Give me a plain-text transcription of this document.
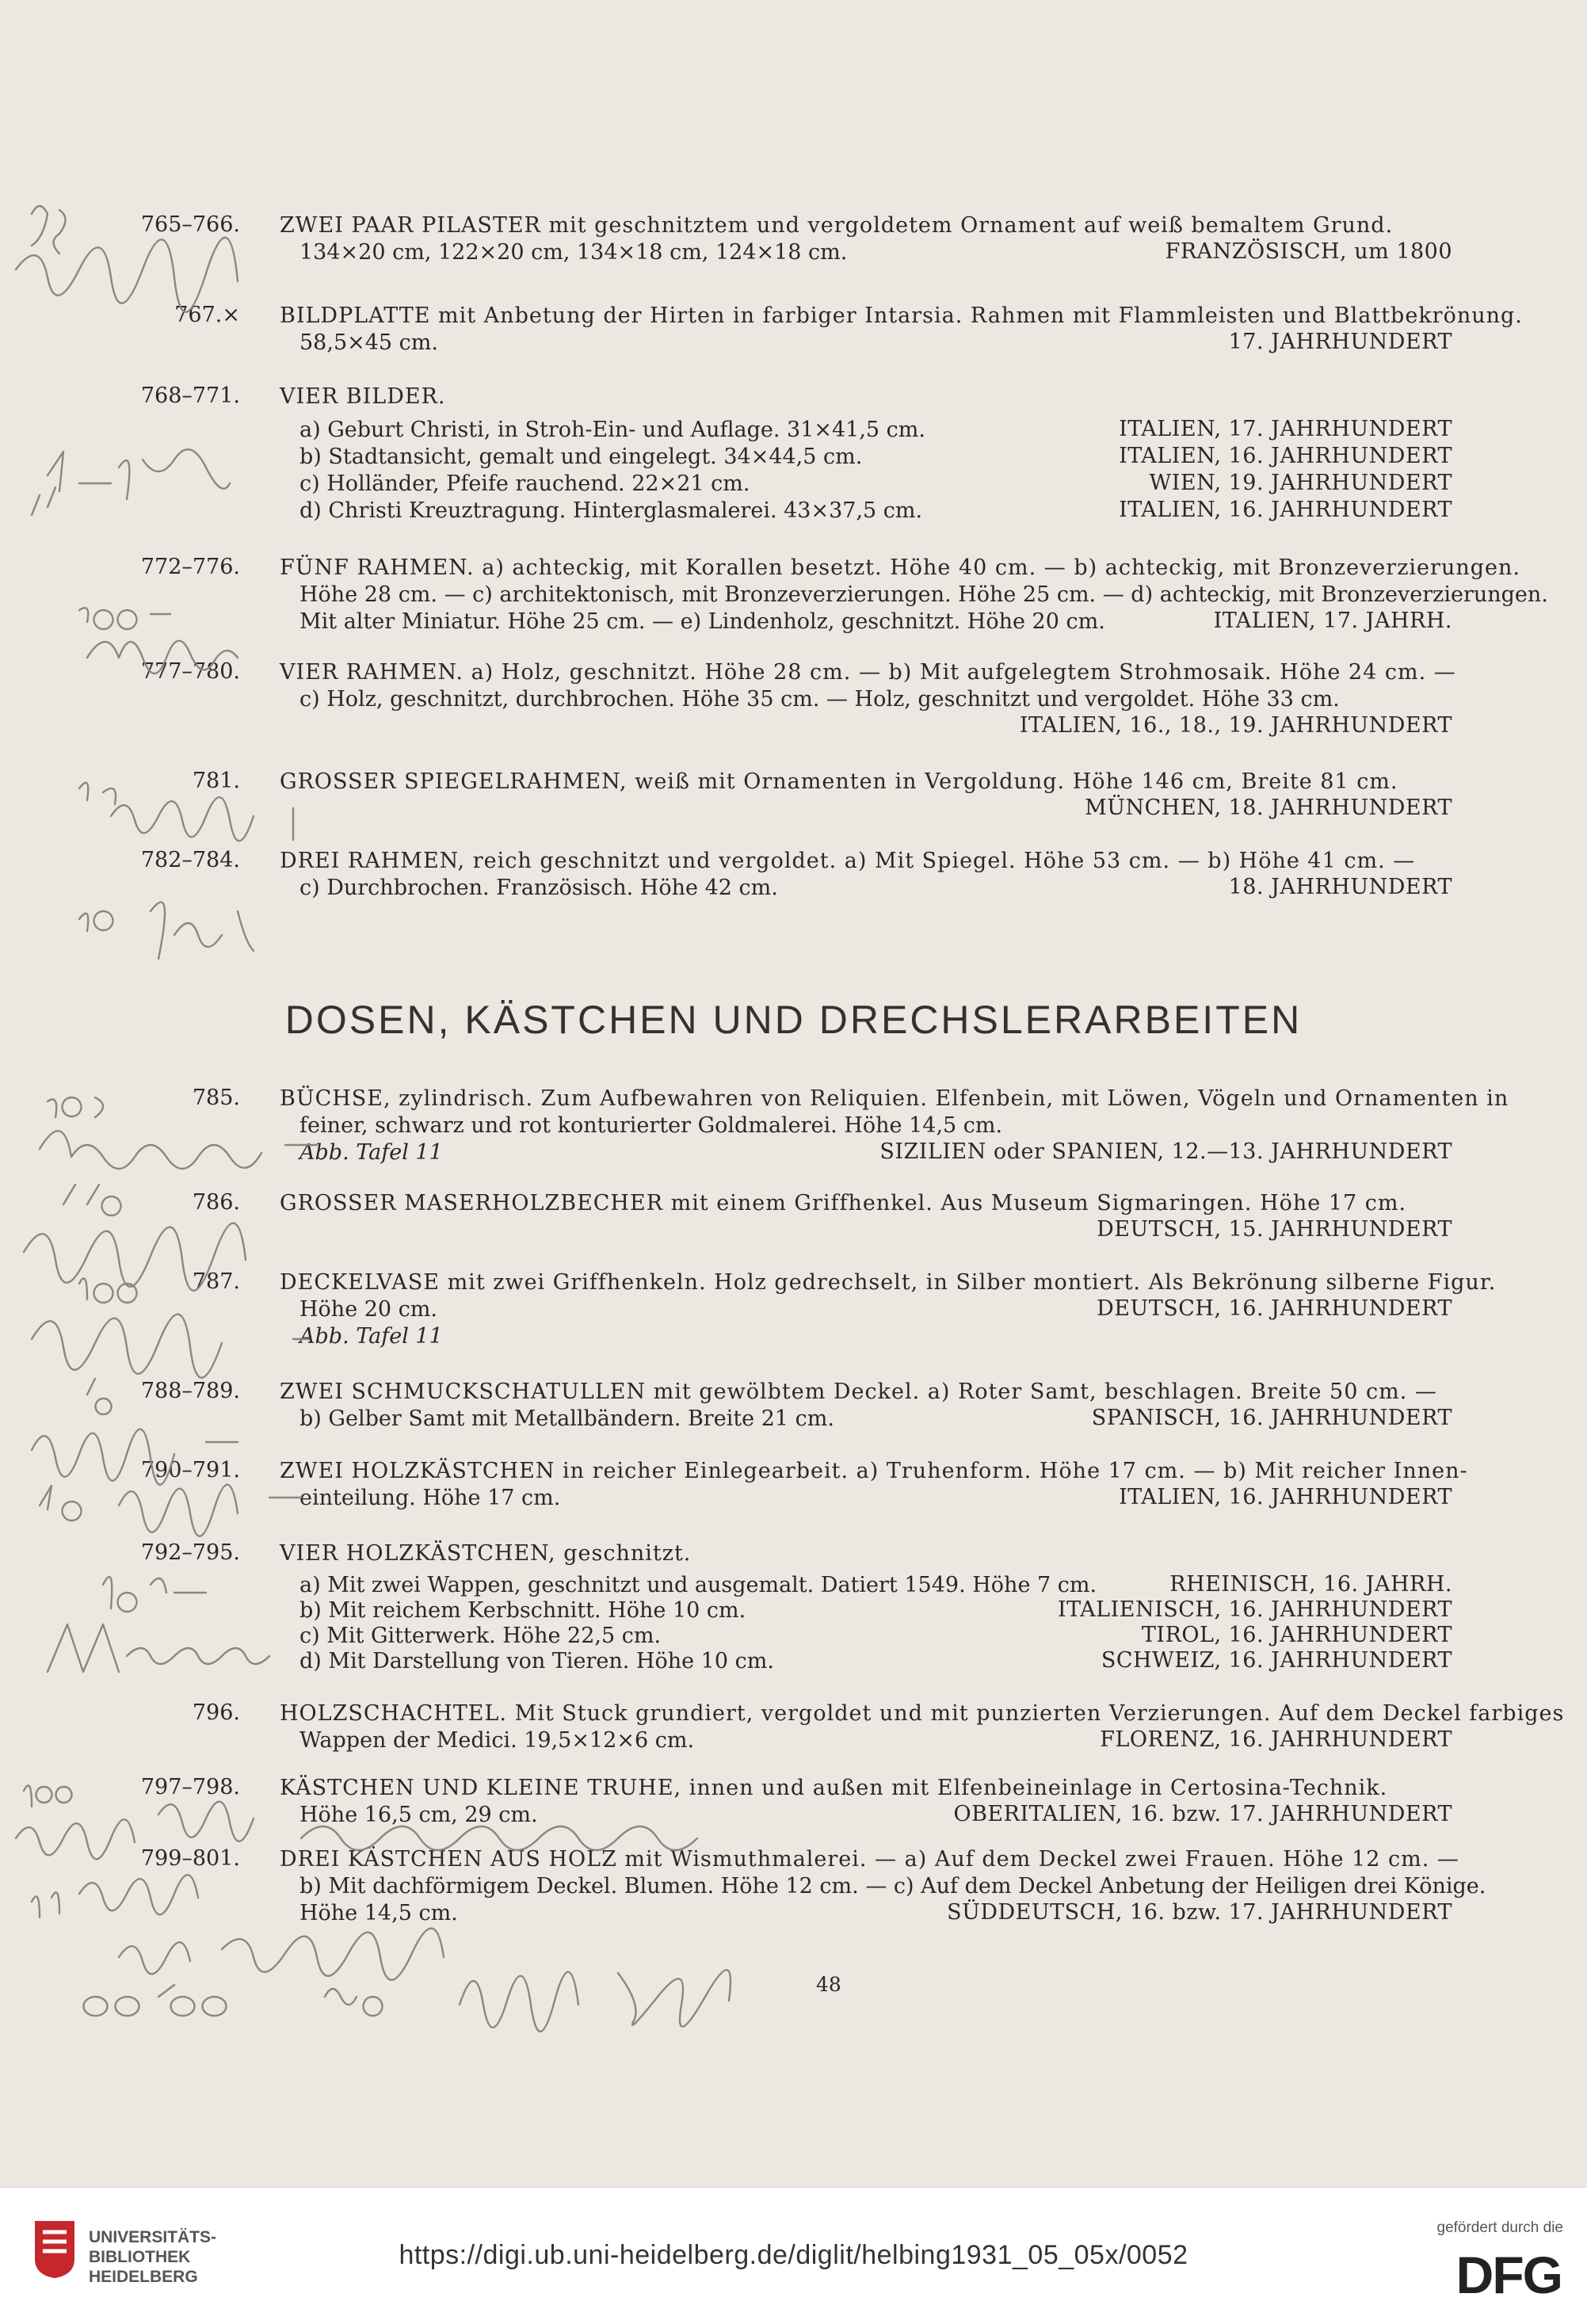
765–766. ZWEI PAAR PILASTER mit geschnitztem und vergoldetem Ornament auf weiß bemaltem Grund.
134×20 cm, 122×20 cm, 134×18 cm, 124×18 cm.	FRANZÖSISCH, um 1800
767.× BILDPLATTE mit Anbetung der Hirten in farbiger Intarsia. Rahmen mit Flammleisten und Blattbekrönung.
58,5×45 cm.	17. JAHRHUNDERT
768–771. VIER BILDER.
a) Geburt Christi, in Stroh-Ein- und Auflage. 31×41,5 cm.	ITALIEN, 17. JAHRHUNDERT
b) Stadtansicht, gemalt und eingelegt. 34×44,5 cm.	ITALIEN, 16. JAHRHUNDERT
c) Holländer, Pfeife rauchend. 22×21 cm.	WIEN, 19. JAHRHUNDERT
d) Christi Kreuztragung. Hinterglasmalerei. 43×37,5 cm.	ITALIEN, 16. JAHRHUNDERT
772–776. FÜNF RAHMEN. a) achteckig, mit Korallen besetzt. Höhe 40 cm. — b) achteckig, mit Bronzeverzierungen.
Höhe 28 cm. — c) architektonisch, mit Bronzeverzierungen. Höhe 25 cm. — d) achteckig, mit Bronzeverzierungen.
Mit alter Miniatur. Höhe 25 cm. — e) Lindenholz, geschnitzt. Höhe 20 cm.	ITALIEN, 17. JAHRH.
777–780. VIER RAHMEN. a) Holz, geschnitzt. Höhe 28 cm. — b) Mit aufgelegtem Strohmosaik. Höhe 24 cm. —
c) Holz, geschnitzt, durchbrochen. Höhe 35 cm. — Holz, geschnitzt und vergoldet. Höhe 33 cm.
ITALIEN, 16., 18., 19. JAHRHUNDERT
781. GROSSER SPIEGELRAHMEN, weiß mit Ornamenten in Vergoldung. Höhe 146 cm, Breite 81 cm.
MÜNCHEN, 18. JAHRHUNDERT
782–784. DREI RAHMEN, reich geschnitzt und vergoldet. a) Mit Spiegel. Höhe 53 cm. — b) Höhe 41 cm. —
c) Durchbrochen. Französisch. Höhe 42 cm.	18. JAHRHUNDERT
DOSEN, KÄSTCHEN UND DRECHSLERARBEITEN
785. BÜCHSE, zylindrisch. Zum Aufbewahren von Reliquien. Elfenbein, mit Löwen, Vögeln und Ornamenten in
feiner, schwarz und rot konturierter Goldmalerei. Höhe 14,5 cm.
Abb. Tafel 11	SIZILIEN oder SPANIEN, 12.—13. JAHRHUNDERT
786. GROSSER MASERHOLZBECHER mit einem Griffhenkel. Aus Museum Sigmaringen. Höhe 17 cm.
DEUTSCH, 15. JAHRHUNDERT
787. DECKELVASE mit zwei Griffhenkeln. Holz gedrechselt, in Silber montiert. Als Bekrönung silberne Figur.
Höhe 20 cm.	DEUTSCH, 16. JAHRHUNDERT
Abb. Tafel 11
788–789. ZWEI SCHMUCKSCHATULLEN mit gewölbtem Deckel. a) Roter Samt, beschlagen. Breite 50 cm. —
b) Gelber Samt mit Metallbändern. Breite 21 cm.	SPANISCH, 16. JAHRHUNDERT
790–791. ZWEI HOLZKÄSTCHEN in reicher Einlegearbeit. a) Truhenform. Höhe 17 cm. — b) Mit reicher Innen-
einteilung. Höhe 17 cm.	ITALIEN, 16. JAHRHUNDERT
792–795. VIER HOLZKÄSTCHEN, geschnitzt.
a) Mit zwei Wappen, geschnitzt und ausgemalt. Datiert 1549. Höhe 7 cm.	RHEINISCH, 16. JAHRH.
b) Mit reichem Kerbschnitt. Höhe 10 cm.	ITALIENISCH, 16. JAHRHUNDERT
c) Mit Gitterwerk. Höhe 22,5 cm.	TIROL, 16. JAHRHUNDERT
d) Mit Darstellung von Tieren. Höhe 10 cm.	SCHWEIZ, 16. JAHRHUNDERT
796. HOLZSCHACHTEL. Mit Stuck grundiert, vergoldet und mit punzierten Verzierungen. Auf dem Deckel farbiges
Wappen der Medici. 19,5×12×6 cm.	FLORENZ, 16. JAHRHUNDERT
797–798. KÄSTCHEN UND KLEINE TRUHE, innen und außen mit Elfenbeineinlage in Certosina-Technik.
Höhe 16,5 cm, 29 cm.	OBERITALIEN, 16. bzw. 17. JAHRHUNDERT
799–801. DREI KÄSTCHEN AUS HOLZ mit Wismuthmalerei. — a) Auf dem Deckel zwei Frauen. Höhe 12 cm. —
b) Mit dachförmigem Deckel. Blumen. Höhe 12 cm. — c) Auf dem Deckel Anbetung der Heiligen drei Könige.
Höhe 14,5 cm.	SÜDDEUTSCH, 16. bzw. 17. JAHRHUNDERT
48
UNIVERSITÄTS-
BIBLIOTHEK
HEIDELBERG
https://digi.ub.uni-heidelberg.de/diglit/helbing1931_05_05x/0052
gefördert durch die
DFG
